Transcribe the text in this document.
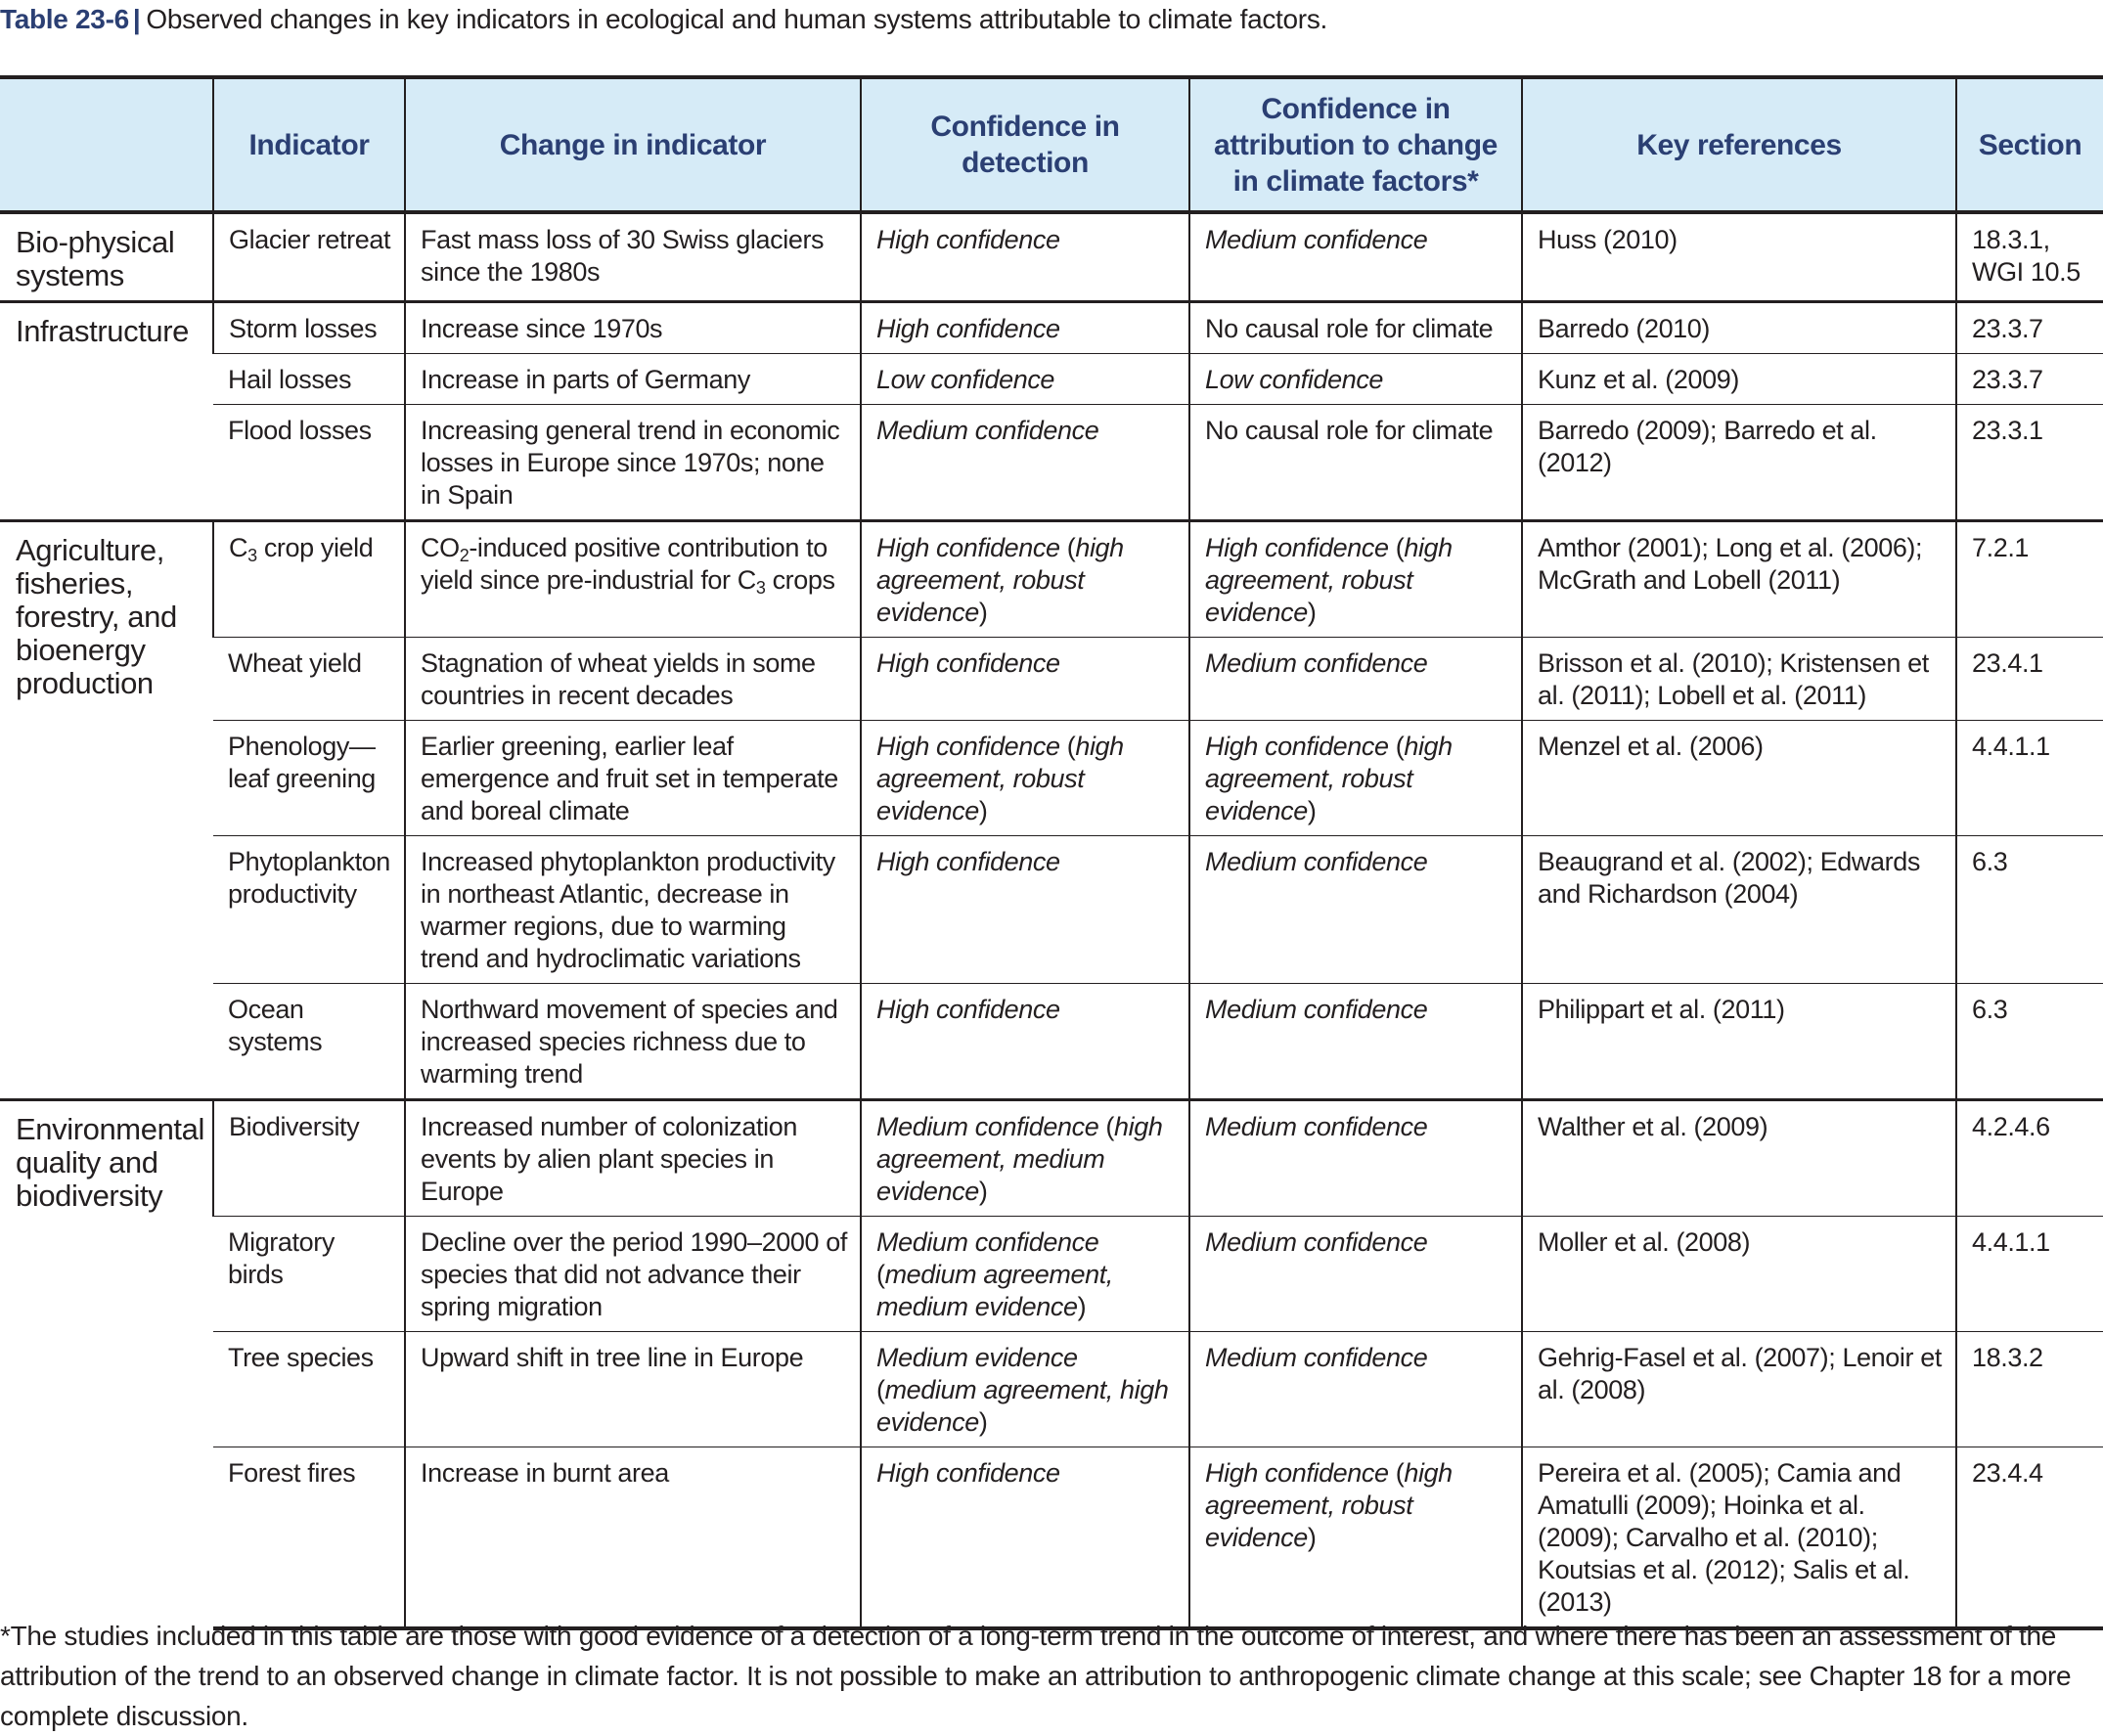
Table 23-6 | Observed changes in key indicators in ecological and human systems attributable to climate factors.
	Indicator	Change in indicator	Confidence in detection	Confidence in attribution to change in climate factors*	Key references	Section
Bio-physical systems	Glacier retreat	Fast mass loss of 30 Swiss glaciers since the 1980s	High confidence	Medium confidence	Huss (2010)	18.3.1, WGI 10.5
Infrastructure	Storm losses	Increase since 1970s	High confidence	No causal role for climate	Barredo (2010)	23.3.7
	Hail losses	Increase in parts of Germany	Low confidence	Low confidence	Kunz et al. (2009)	23.3.7
	Flood losses	Increasing general trend in economic losses in Europe since 1970s; none in Spain	Medium confidence	No causal role for climate	Barredo (2009); Barredo et al. (2012)	23.3.1
Agriculture, fisheries, forestry, and bioenergy production	$C_3$ crop yield	$CO_2$-induced positive contribution to yield since pre-industrial for $C_3$ crops	High confidence (high agreement, robust evidence)	High confidence (high agreement, robust evidence)	Amthor (2001); Long et al. (2006); McGrath and Lobell (2011)	7.2.1
	Wheat yield	Stagnation of wheat yields in some countries in recent decades	High confidence	Medium confidence	Brisson et al. (2010); Kristensen et al. (2011); Lobell et al. (2011)	23.4.1
	Phenology—leaf greening	Earlier greening, earlier leaf emergence and fruit set in temperate and boreal climate	High confidence (high agreement, robust evidence)	High confidence (high agreement, robust evidence)	Menzel et al. (2006)	4.4.1.1
	Phytoplankton productivity	Increased phytoplankton productivity in northeast Atlantic, decrease in warmer regions, due to warming trend and hydroclimatic variations	High confidence	Medium confidence	Beaugrand et al. (2002); Edwards and Richardson (2004)	6.3
	Ocean systems	Northward movement of species and increased species richness due to warming trend	High confidence	Medium confidence	Philippart et al. (2011)	6.3
Environmental quality and biodiversity	Biodiversity	Increased number of colonization events by alien plant species in Europe	Medium confidence (high agreement, medium evidence)	Medium confidence	Walther et al. (2009)	4.2.4.6
	Migratory birds	Decline over the period 1990–2000 of species that did not advance their spring migration	Medium confidence (medium agreement, medium evidence)	Medium confidence	Moller et al. (2008)	4.4.1.1
	Tree species	Upward shift in tree line in Europe	Medium evidence (medium agreement, high evidence)	Medium confidence	Gehrig-Fasel et al. (2007); Lenoir et al. (2008)	18.3.2
	Forest fires	Increase in burnt area	High confidence	High confidence (high agreement, robust evidence)	Pereira et al. (2005); Camia and Amatulli (2009); Hoinka et al. (2009); Carvalho et al. (2010); Koutsias et al. (2012); Salis et al. (2013)	23.4.4
*The studies included in this table are those with good evidence of a detection of a long-term trend in the outcome of interest, and where there has been an assessment of the attribution of the trend to an observed change in climate factor. It is not possible to make an attribution to anthropogenic climate change at this scale; see Chapter 18 for a more complete discussion.
